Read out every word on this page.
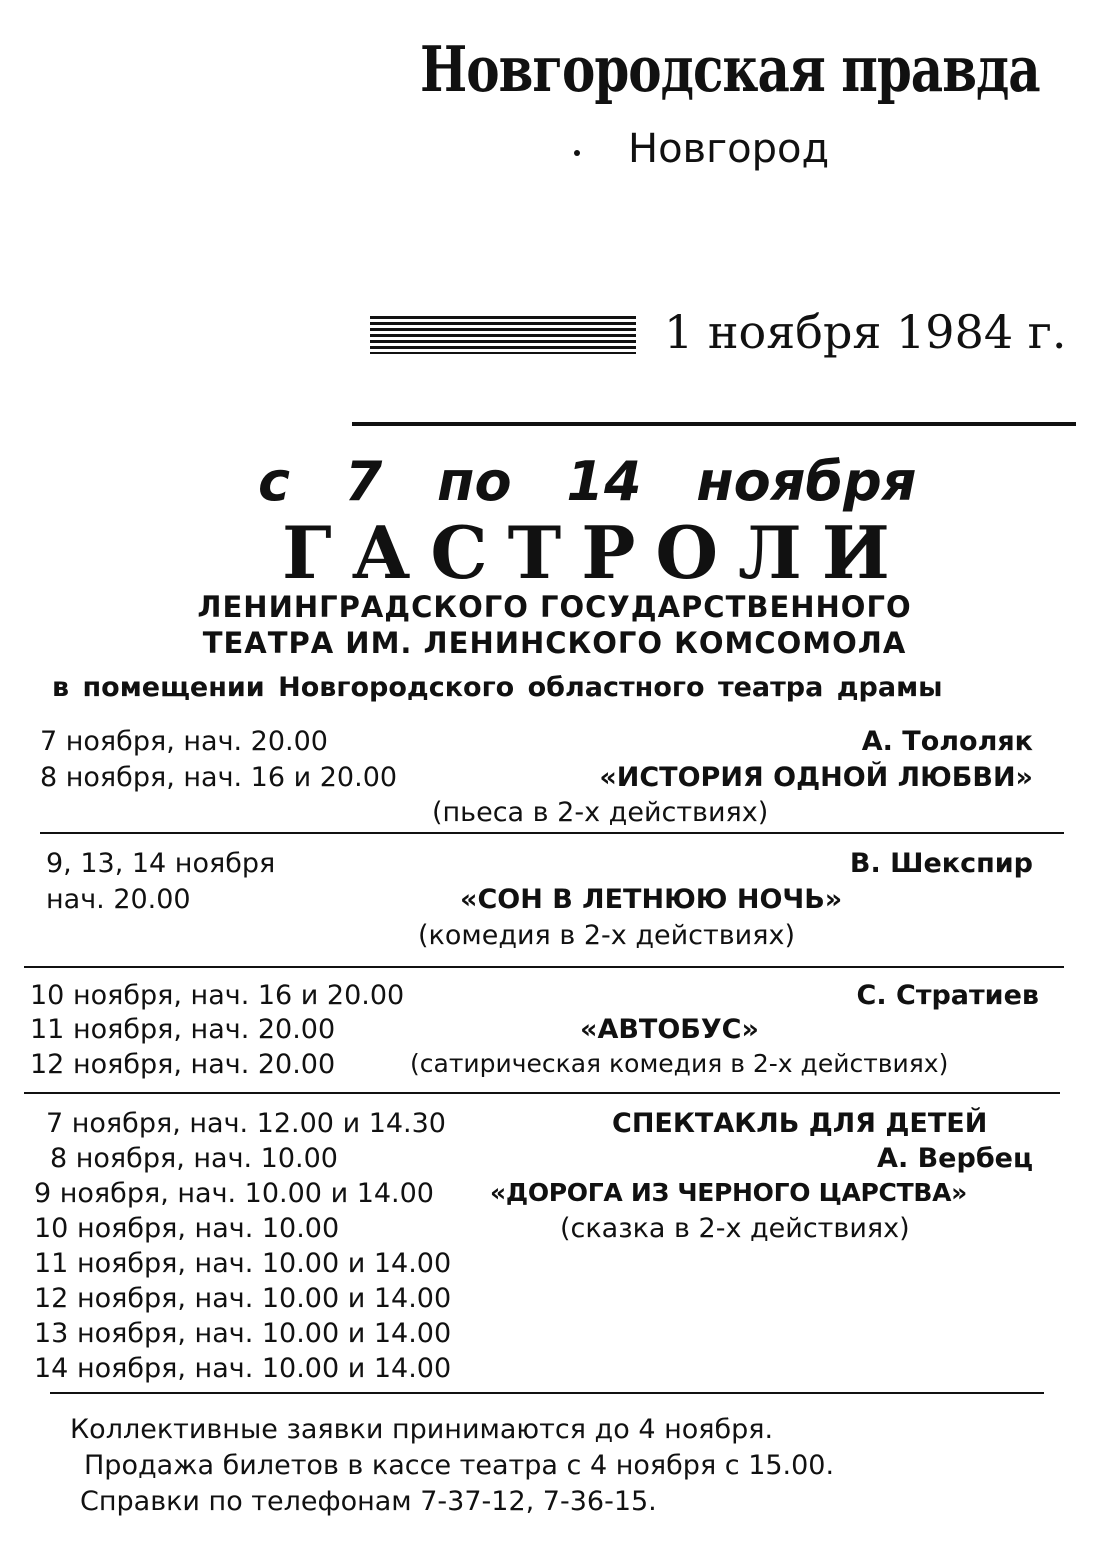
Новгородская правда
Новгород
1 ноября 1984 г.
с 7 по 14 ноября
ГАСТРОЛИ
ЛЕНИНГРАДСКОГО ГОСУДАРСТВЕННОГО
ТЕАТРА ИМ. ЛЕНИНСКОГО КОМСОМОЛА
в помещении Новгородского областного театра драмы
7 ноября, нач. 20.00	А. Тололяк
8 ноября, нач. 16 и 20.00	«ИСТОРИЯ ОДНОЙ ЛЮБВИ»
(пьеса в 2-х действиях)
9, 13, 14 ноября	В. Шекспир
нач. 20.00	«СОН В ЛЕТНЮЮ НОЧЬ»
(комедия в 2-х действиях)
10 ноября, нач. 16 и 20.00	С. Стратиев
11 ноября, нач. 20.00	«АВТОБУС»
12 ноября, нач. 20.00	(сатирическая комедия в 2-х действиях)
7 ноября, нач. 12.00 и 14.30	СПЕКТАКЛЬ ДЛЯ ДЕТЕЙ
8 ноября, нач. 10.00	А. Вербец
9 ноября, нач. 10.00 и 14.00 «ДОРОГА ИЗ ЧЕРНОГО ЦАРСТВА»
10 ноября, нач. 10.00	(сказка в 2-х действиях)
11 ноября, нач. 10.00 и 14.00
12 ноября, нач. 10.00 и 14.00
13 ноября, нач. 10.00 и 14.00
14 ноября, нач. 10.00 и 14.00
Коллективные заявки принимаются до 4 ноября.
Продажа билетов в кассе театра с 4 ноября с 15.00.
Справки по телефонам 7-37-12, 7-36-15.
